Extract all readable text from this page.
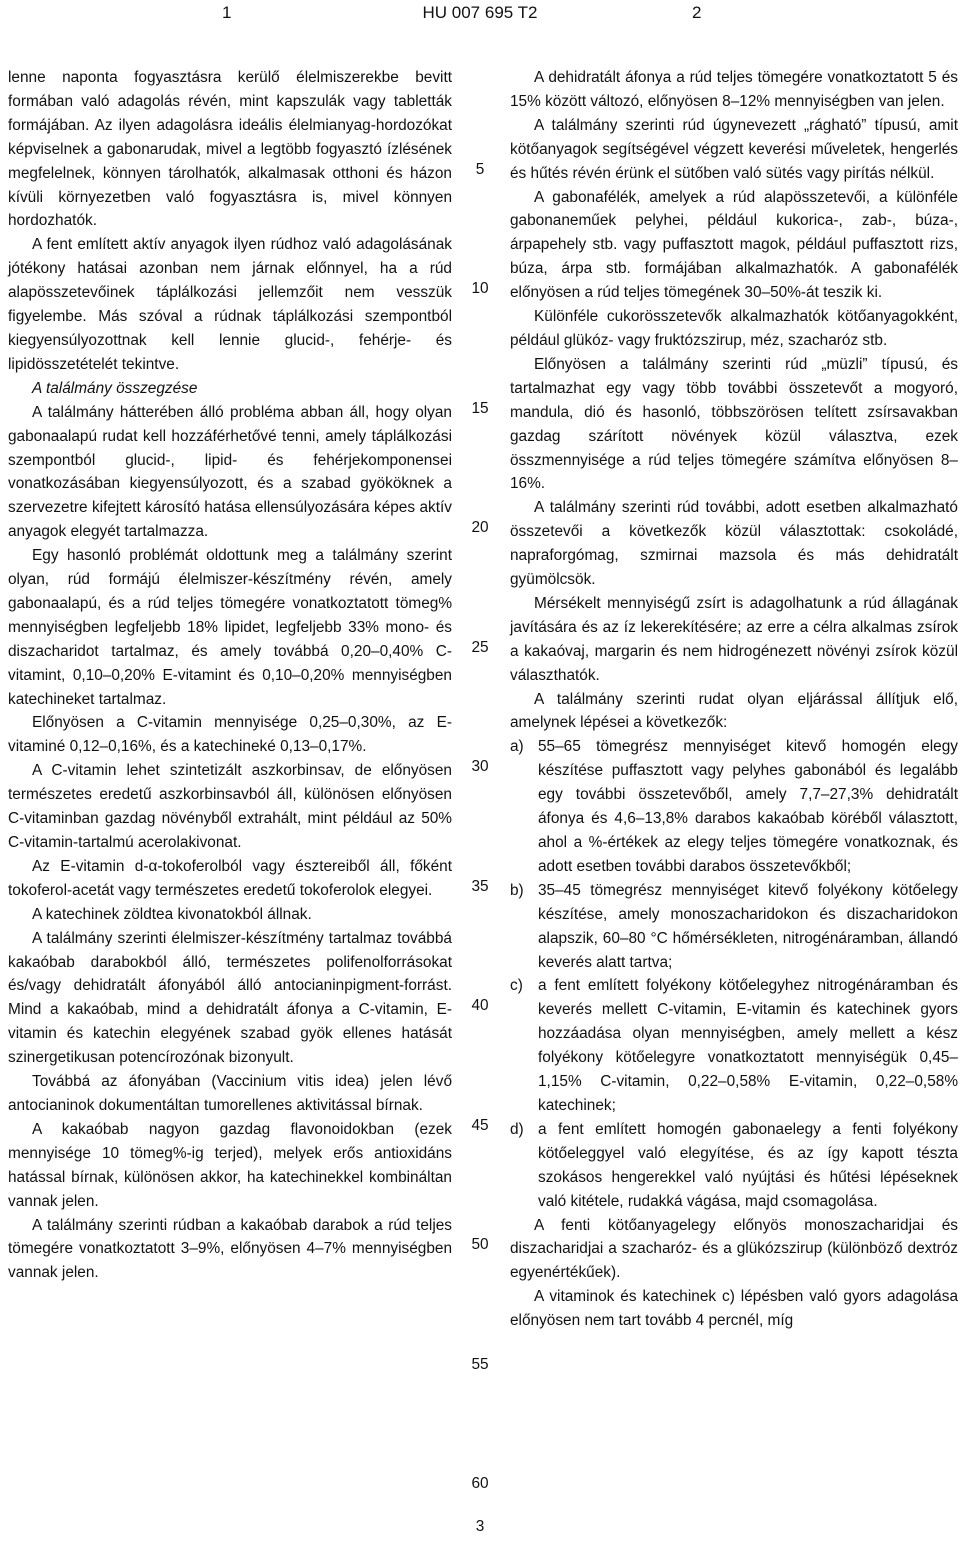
1	HU 007 695 T2	2

lenne naponta fogyasztásra kerülő élelmiszerekbe bevitt formában való adagolás révén, mint kapszulák vagy tabletták formájában. Az ilyen adagolásra ideális élelmianyag-hordozókat képviselnek a gabonarudak, mivel a legtöbb fogyasztó ízlésének megfelelnek, könnyen tárolhatók, alkalmasak otthoni és házon kívüli környezetben való fogyasztásra is, mivel könnyen hordozhatók.

A fent említett aktív anyagok ilyen rúdhoz való adagolásának jótékony hatásai azonban nem járnak előnnyel, ha a rúd alapösszetevőinek táplálkozási jellemzőit nem vesszük figyelembe. Más szóval a rúdnak táplálkozási szempontból kiegyensúlyozottnak kell lennie glucid-, fehérje- és lipidösszetételét tekintve.

A találmány összegzése

A találmány hátterében álló probléma abban áll, hogy olyan gabonaalapú rudat kell hozzáférhetővé tenni, amely táplálkozási szempontból glucid-, lipid- és fehérjekomponensei vonatkozásában kiegyensúlyozott, és a szabad gyököknek a szervezetre kifejtett károsító hatása ellensúlyozására képes aktív anyagok elegyét tartalmazza.

Egy hasonló problémát oldottunk meg a találmány szerint olyan, rúd formájú élelmiszer-készítmény révén, amely gabonaalapú, és a rúd teljes tömegére vonatkoztatott tömeg% mennyiségben legfeljebb 18% lipidet, legfeljebb 33% mono- és diszacharidot tartalmaz, és amely továbbá 0,20–0,40% C-vitamint, 0,10–0,20% E-vitamint és 0,10–0,20% mennyiségben katechineket tartalmaz.

Előnyösen a C-vitamin mennyisége 0,25–0,30%, az E-vitaminé 0,12–0,16%, és a katechineké 0,13–0,17%.

A C-vitamin lehet szintetizált aszkorbinsav, de előnyösen természetes eredetű aszkorbinsavból áll, különösen előnyösen C-vitaminban gazdag növényből extrahált, mint például az 50% C-vitamin-tartalmú acerolakivonat.

Az E-vitamin d-α-tokoferolból vagy észtereiből áll, főként tokoferol-acetát vagy természetes eredetű tokoferolok elegyei.

A katechinek zöldtea kivonatokból állnak.

A találmány szerinti élelmiszer-készítmény tartalmaz továbbá kakaóbab darabokból álló, természetes polifenolforrásokat és/vagy dehidratált áfonyából álló antocianinpigment-forrást. Mind a kakaóbab, mind a dehidratált áfonya a C-vitamin, E-vitamin és katechin elegyének szabad gyök ellenes hatását szinergetikusan potencírozónak bizonyult.

Továbbá az áfonyában (Vaccinium vitis idea) jelen lévő antocianinok dokumentáltan tumorellenes aktivitással bírnak.

A kakaóbab nagyon gazdag flavonoidokban (ezek mennyisége 10 tömeg%-ig terjed), melyek erős antioxidáns hatással bírnak, különösen akkor, ha katechinekkel kombináltan vannak jelen.

A találmány szerinti rúdban a kakaóbab darabok a rúd teljes tömegére vonatkoztatott 3–9%, előnyösen 4–7% mennyiségben vannak jelen.

A dehidratált áfonya a rúd teljes tömegére vonatkoztatott 5 és 15% között változó, előnyösen 8–12% mennyiségben van jelen.

A találmány szerinti rúd úgynevezett „rágható” típusú, amit kötőanyagok segítségével végzett keverési műveletek, hengerlés és hűtés révén érünk el sütőben való sütés vagy pirítás nélkül.

A gabonafélék, amelyek a rúd alapösszetevői, a különféle gabonaneműek pelyhei, például kukorica-, zab-, búza-, árpapehely stb. vagy puffasztott magok, például puffasztott rizs, búza, árpa stb. formájában alkalmazhatók. A gabonafélék előnyösen a rúd teljes tömegének 30–50%-át teszik ki.

Különféle cukorösszetevők alkalmazhatók kötőanyagokként, például glükóz- vagy fruktózszirup, méz, szacharóz stb.

Előnyösen a találmány szerinti rúd „müzli” típusú, és tartalmazhat egy vagy több további összetevőt a mogyoró, mandula, dió és hasonló, többszörösen telített zsírsavakban gazdag szárított növények közül választva, ezek összmennyisége a rúd teljes tömegére számítva előnyösen 8–16%.

A találmány szerinti rúd további, adott esetben alkalmazható összetevői a következők közül választottak: csokoládé, napraforgómag, szmirnai mazsola és más dehidratált gyümölcsök.

Mérsékelt mennyiségű zsírt is adagolhatunk a rúd állagának javítására és az íz lekerekítésére; az erre a célra alkalmas zsírok a kakaóvaj, margarin és nem hidrogénezett növényi zsírok közül választhatók.

A találmány szerinti rudat olyan eljárással állítjuk elő, amelynek lépései a következők:

a) 55–65 tömegrész mennyiséget kitevő homogén elegy készítése puffasztott vagy pelyhes gabonából és legalább egy további összetevőből, amely 7,7–27,3% dehidratált áfonya és 4,6–13,8% darabos kakaóbab köréből választott, ahol a %-értékek az elegy teljes tömegére vonatkoznak, és adott esetben további darabos összetevőkből;
b) 35–45 tömegrész mennyiséget kitevő folyékony kötőelegy készítése, amely monoszacharidokon és diszacharidokon alapszik, 60–80 °C hőmérsékleten, nitrogénáramban, állandó keverés alatt tartva;
c) a fent említett folyékony kötőelegyhez nitrogénáramban és keverés mellett C-vitamin, E-vitamin és katechinek gyors hozzáadása olyan mennyiségben, amely mellett a kész folyékony kötőelegyre vonatkoztatott mennyiségük 0,45–1,15% C-vitamin, 0,22–0,58% E-vitamin, 0,22–0,58% katechinek;
d) a fent említett homogén gabonaelegy a fenti folyékony kötőeleggyel való elegyítése, és az így kapott tészta szokásos hengerekkel való nyújtási és hűtési lépéseknek való kitétele, rudakká vágása, majd csomagolása.

A fenti kötőanyagelegy előnyös monoszacharidjai és diszacharidjai a szacharóz- és a glükózszirup (különböző dextróz egyenértékűek).

A vitaminok és katechinek c) lépésben való gyors adagolása előnyösen nem tart tovább 4 percnél, míg

5
10
15
20
25
30
35
40
45
50
55
60
3
